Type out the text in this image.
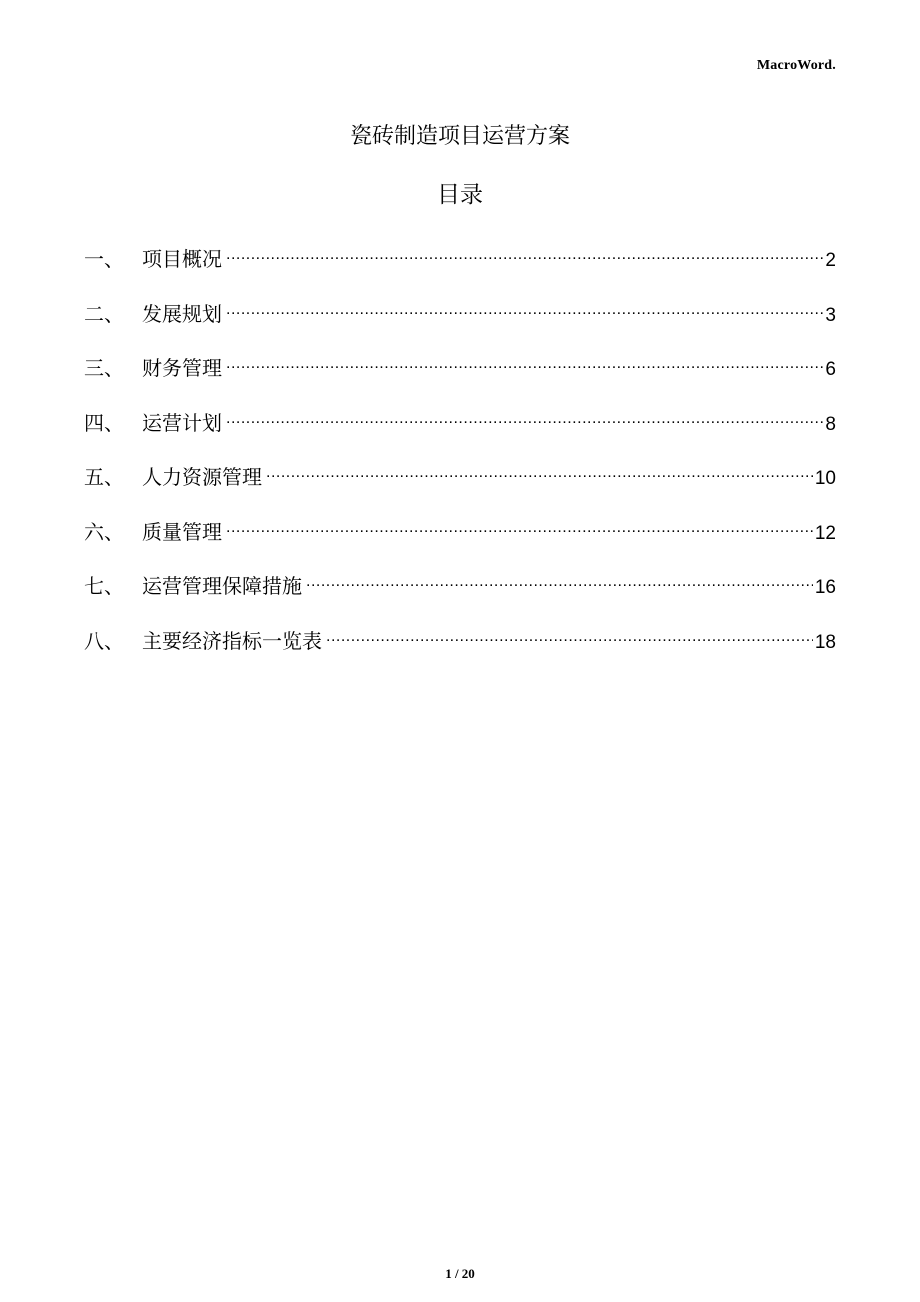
MacroWord.
瓷砖制造项目运营方案
目录
一、 项目概况 .....	2
二、 发展规划 .....	3
三、 财务管理 .....	6
四、 运营计划 .....	8
五、 人力资源管理 .....	10
六、 质量管理 .....	12
七、 运营管理保障措施 .....	16
八、 主要经济指标一览表 .....	18
1 / 20
